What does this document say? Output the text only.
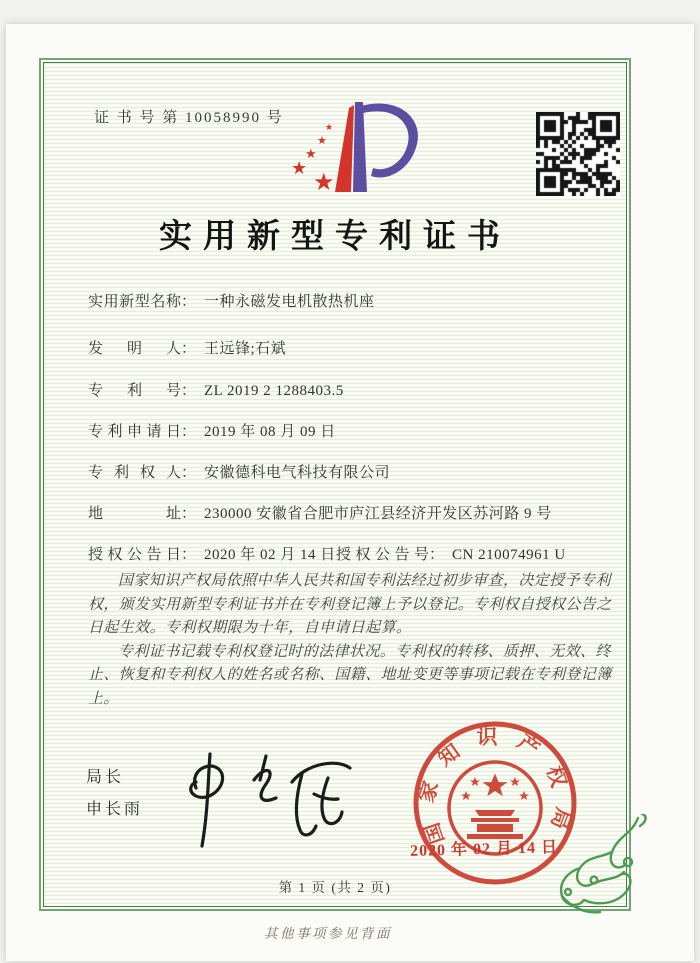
证 书 号 第 10058990 号
★
★
★
★
★
实用新型专利证书
实用新型名称： 一种永磁发电机散热机座
发明人： 王远锋;石斌
专利号： ZL 2019 2 1288403.5
专利申请日： 2019 年 08 月 09 日
专利权人： 安徽德科电气科技有限公司
地址： 230000 安徽省合肥市庐江县经济开发区苏河路 9 号
授权公告日： 2020 年 02 月 14 日 授权公告号： CN 210074961 U

国家知识产权局依照中华人民共和国专利法经过初步审查，决定授予专利权，颁发实用新型专利证书并在专利登记簿上予以登记。专利权自授权公告之日起生效。专利权期限为十年，自申请日起算。

专利证书记载专利权登记时的法律状况。专利权的转移、质押、无效、终止、恢复和专利权人的姓名或名称、国籍、地址变更等事项记载在专利登记簿上。

局长
申长雨	国家知识产权局
2020 年 02 月 14 日
第 1 页 (共 2 页)
其他事项参见背面
